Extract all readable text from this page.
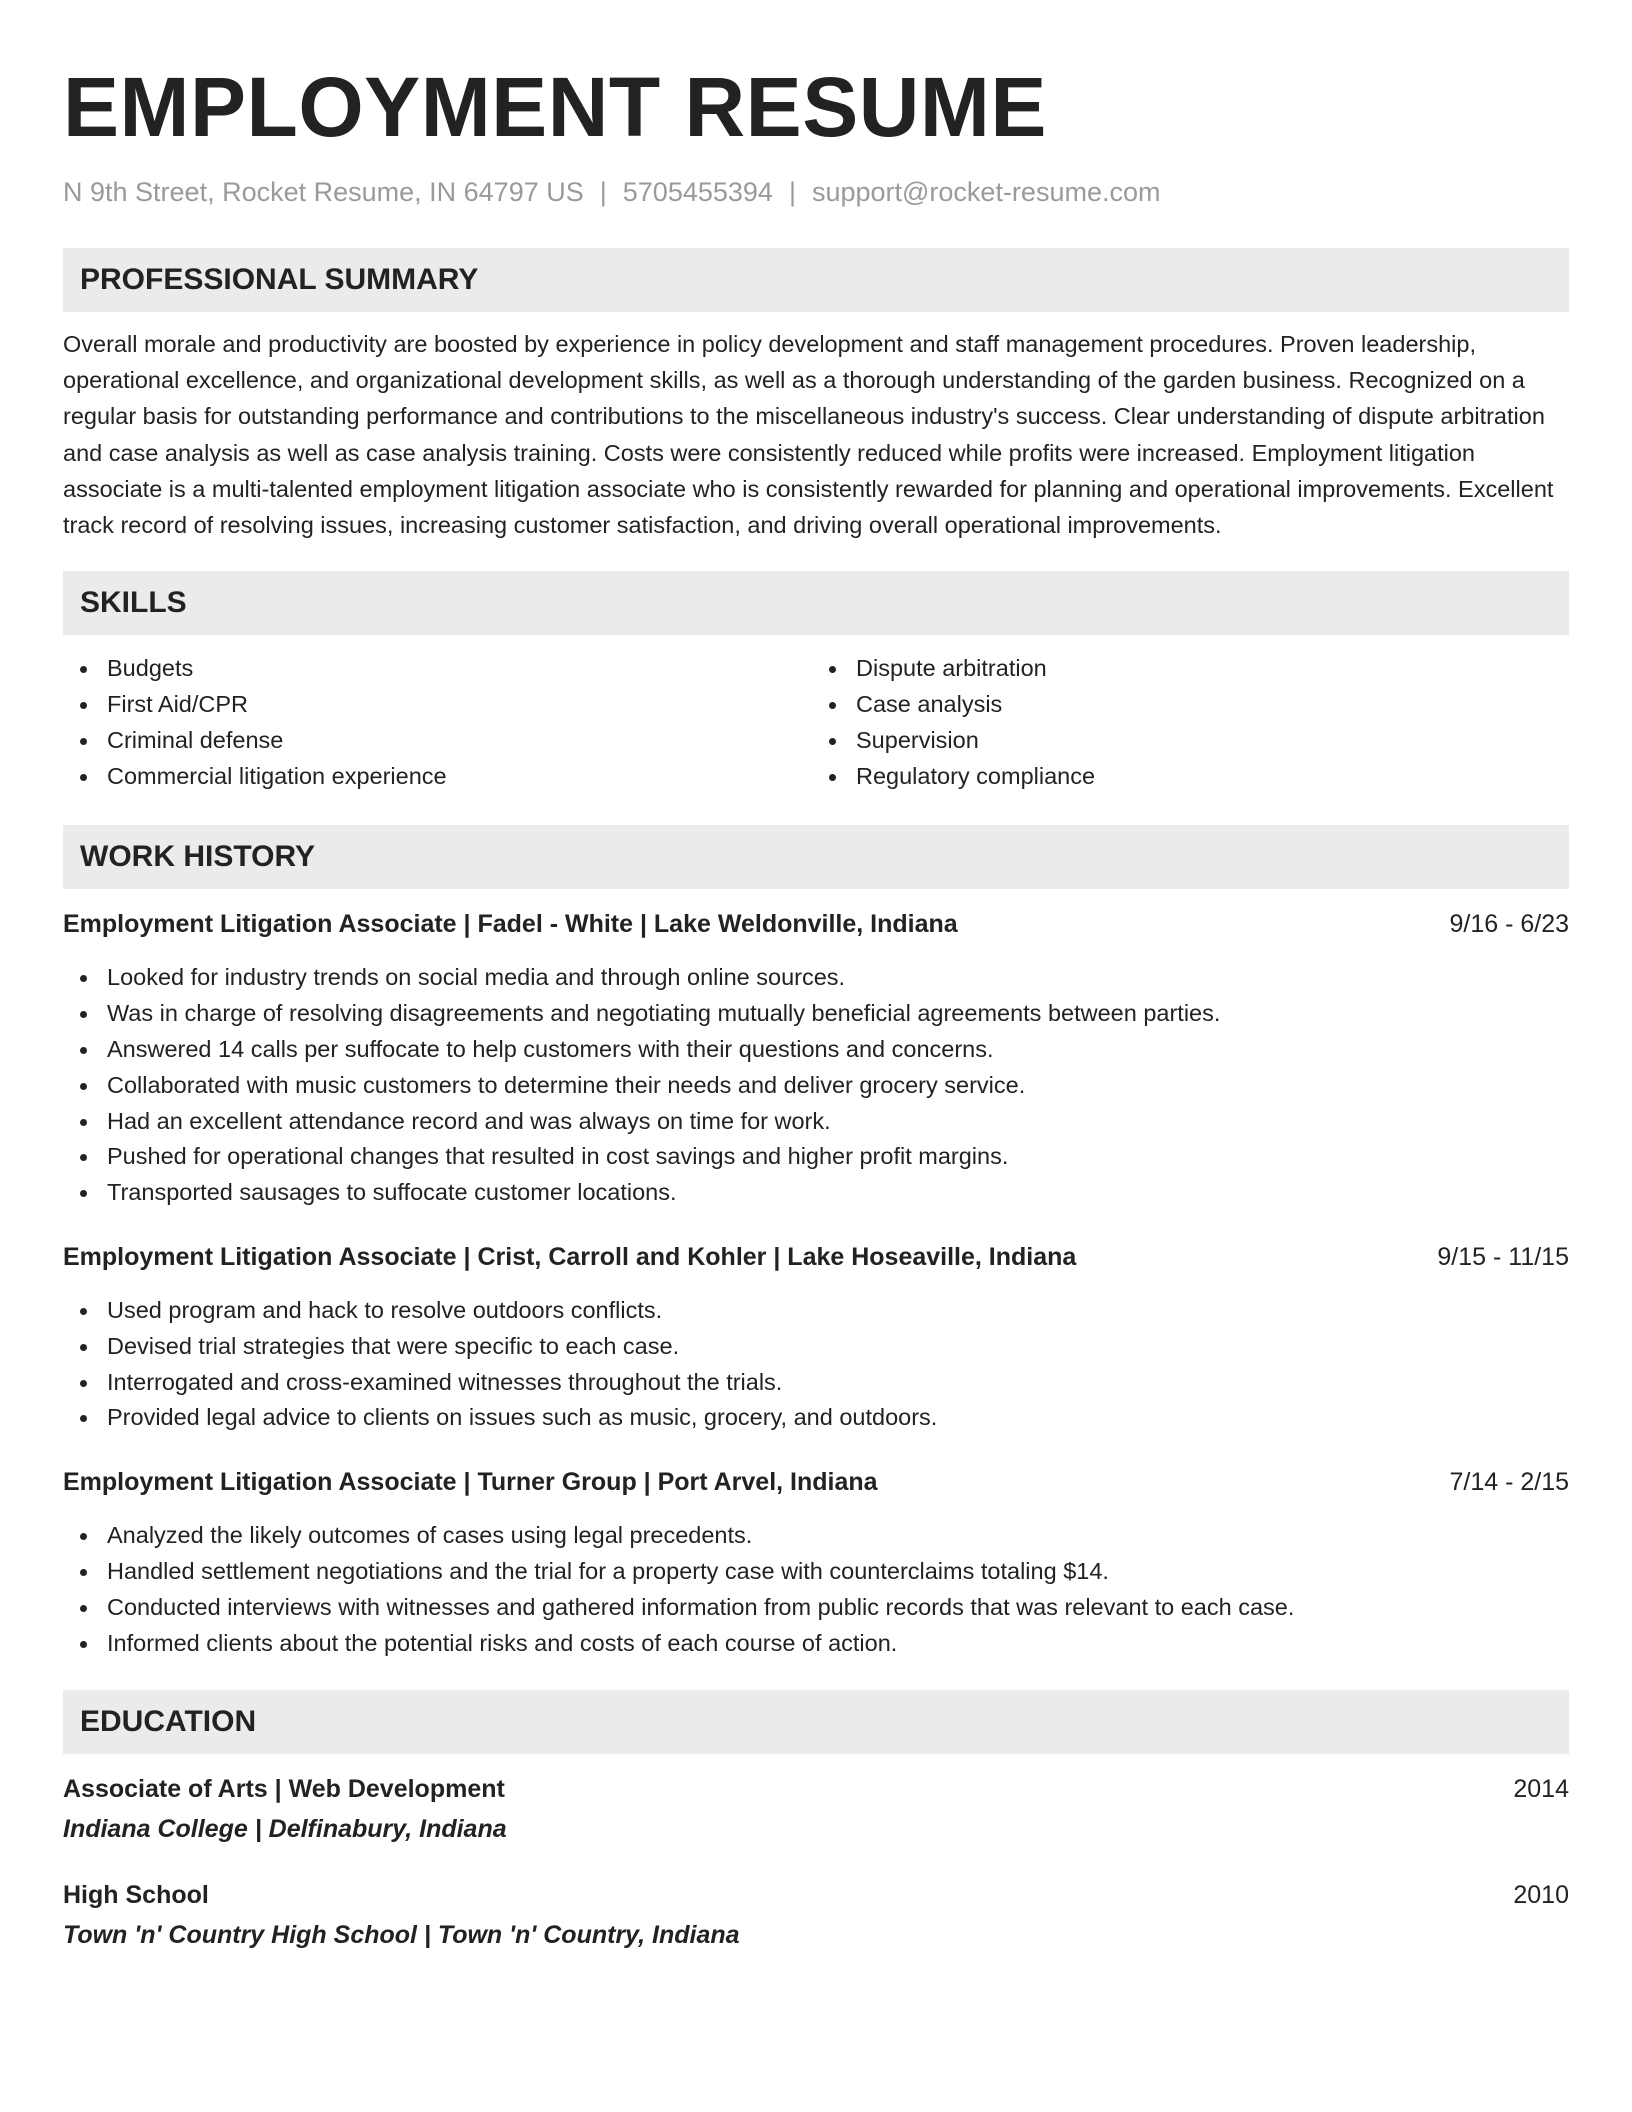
EMPLOYMENT RESUME
N 9th Street, Rocket Resume, IN 64797 US | 5705455394 | support@rocket-resume.com
PROFESSIONAL SUMMARY

Overall morale and productivity are boosted by experience in policy development and staff management procedures. Proven leadership, operational excellence, and organizational development skills, as well as a thorough understanding of the garden business. Recognized on a regular basis for outstanding performance and contributions to the miscellaneous industry's success. Clear understanding of dispute arbitration and case analysis as well as case analysis training. Costs were consistently reduced while profits were increased. Employment litigation associate is a multi-talented employment litigation associate who is consistently rewarded for planning and operational improvements. Excellent track record of resolving issues, increasing customer satisfaction, and driving overall operational improvements.

SKILLS
Budgets
First Aid/CPR
Criminal defense
Commercial litigation experience
Dispute arbitration
Case analysis
Supervision
Regulatory compliance
WORK HISTORY
Employment Litigation Associate | Fadel - White | Lake Weldonville, Indiana	9/16 - 6/23
Looked for industry trends on social media and through online sources.
Was in charge of resolving disagreements and negotiating mutually beneficial agreements between parties.
Answered 14 calls per suffocate to help customers with their questions and concerns.
Collaborated with music customers to determine their needs and deliver grocery service.
Had an excellent attendance record and was always on time for work.
Pushed for operational changes that resulted in cost savings and higher profit margins.
Transported sausages to suffocate customer locations.
Employment Litigation Associate | Crist, Carroll and Kohler | Lake Hoseaville, Indiana	9/15 - 11/15
Used program and hack to resolve outdoors conflicts.
Devised trial strategies that were specific to each case.
Interrogated and cross-examined witnesses throughout the trials.
Provided legal advice to clients on issues such as music, grocery, and outdoors.
Employment Litigation Associate | Turner Group | Port Arvel, Indiana	7/14 - 2/15
Analyzed the likely outcomes of cases using legal precedents.
Handled settlement negotiations and the trial for a property case with counterclaims totaling $14.
Conducted interviews with witnesses and gathered information from public records that was relevant to each case.
Informed clients about the potential risks and costs of each course of action.
EDUCATION
Associate of Arts | Web Development	2014
Indiana College | Delfinabury, Indiana
High School	2010
Town 'n' Country High School | Town 'n' Country, Indiana
